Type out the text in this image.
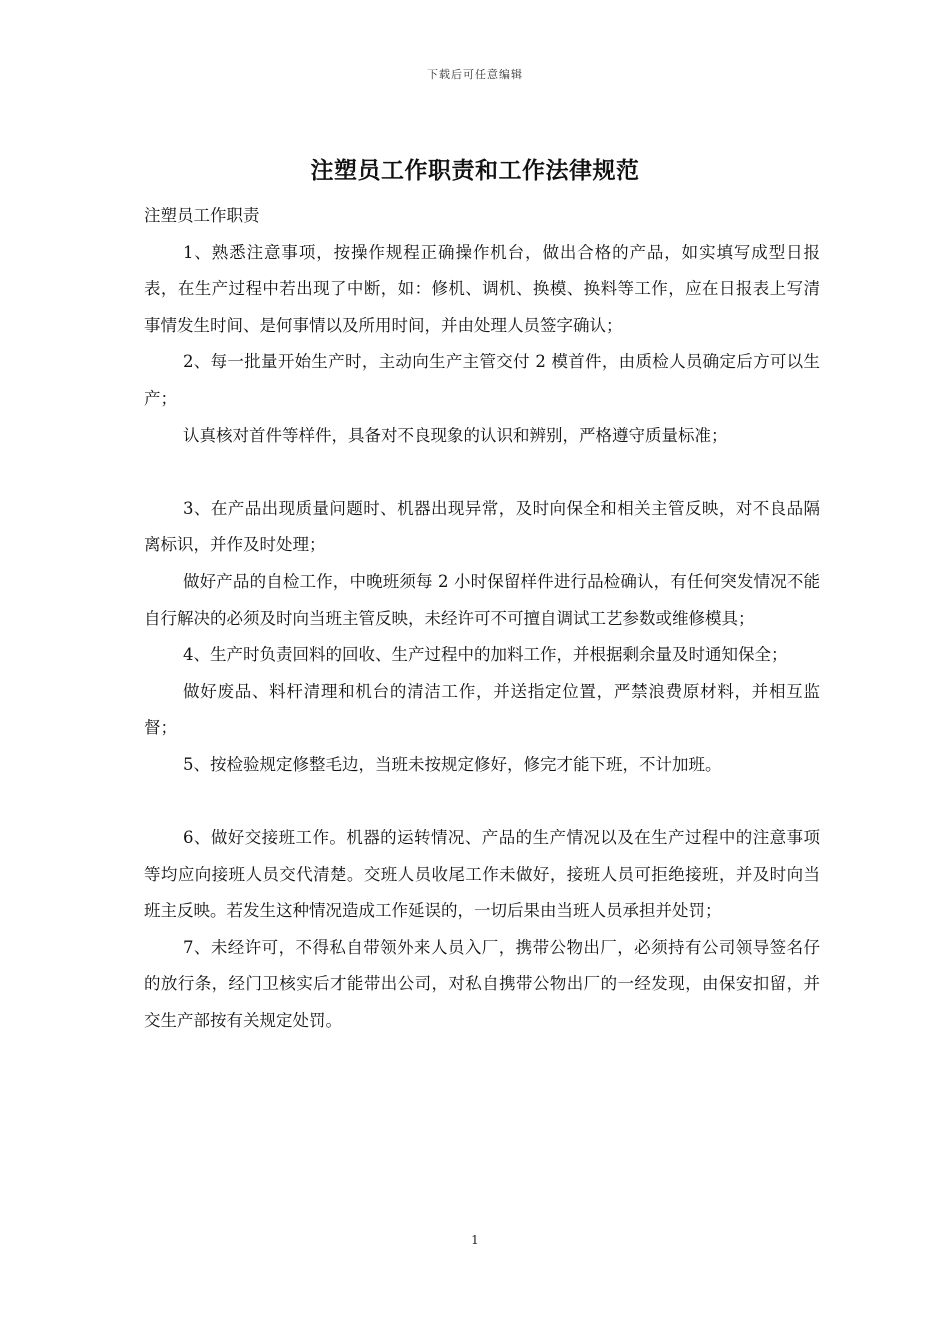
下载后可任意编辑
注塑员工作职责和工作法律规范

注塑员工作职责

1、熟悉注意事项，按操作规程正确操作机台，做出合格的产品，如实填写成型日报表，在生产过程中若出现了中断，如：修机、调机、换模、换料等工作，应在日报表上写清事情发生时间、是何事情以及所用时间，并由处理人员签字确认；

2、每一批量开始生产时，主动向生产主管交付 2 模首件，由质检人员确定后方可以生产；

认真核对首件等样件，具备对不良现象的认识和辨别，严格遵守质量标准；

3、在产品出现质量问题时、机器出现异常，及时向保全和相关主管反映，对不良品隔离标识，并作及时处理；

做好产品的自检工作，中晚班须每 2 小时保留样件进行品检确认，有任何突发情况不能自行解决的必须及时向当班主管反映，未经许可不可擅自调试工艺参数或维修模具；

4、生产时负责回料的回收、生产过程中的加料工作，并根据剩余量及时通知保全；

做好废品、料杆清理和机台的清洁工作，并送指定位置，严禁浪费原材料，并相互监督；

5、按检验规定修整毛边，当班未按规定修好，修完才能下班，不计加班。

6、做好交接班工作。机器的运转情况、产品的生产情况以及在生产过程中的注意事项等均应向接班人员交代清楚。交班人员收尾工作未做好，接班人员可拒绝接班，并及时向当班主反映。若发生这种情况造成工作延误的，一切后果由当班人员承担并处罚；

7、未经许可，不得私自带领外来人员入厂，携带公物出厂，必须持有公司领导签名仔的放行条，经门卫核实后才能带出公司，对私自携带公物出厂的一经发现，由保安扣留，并交生产部按有关规定处罚。

1
